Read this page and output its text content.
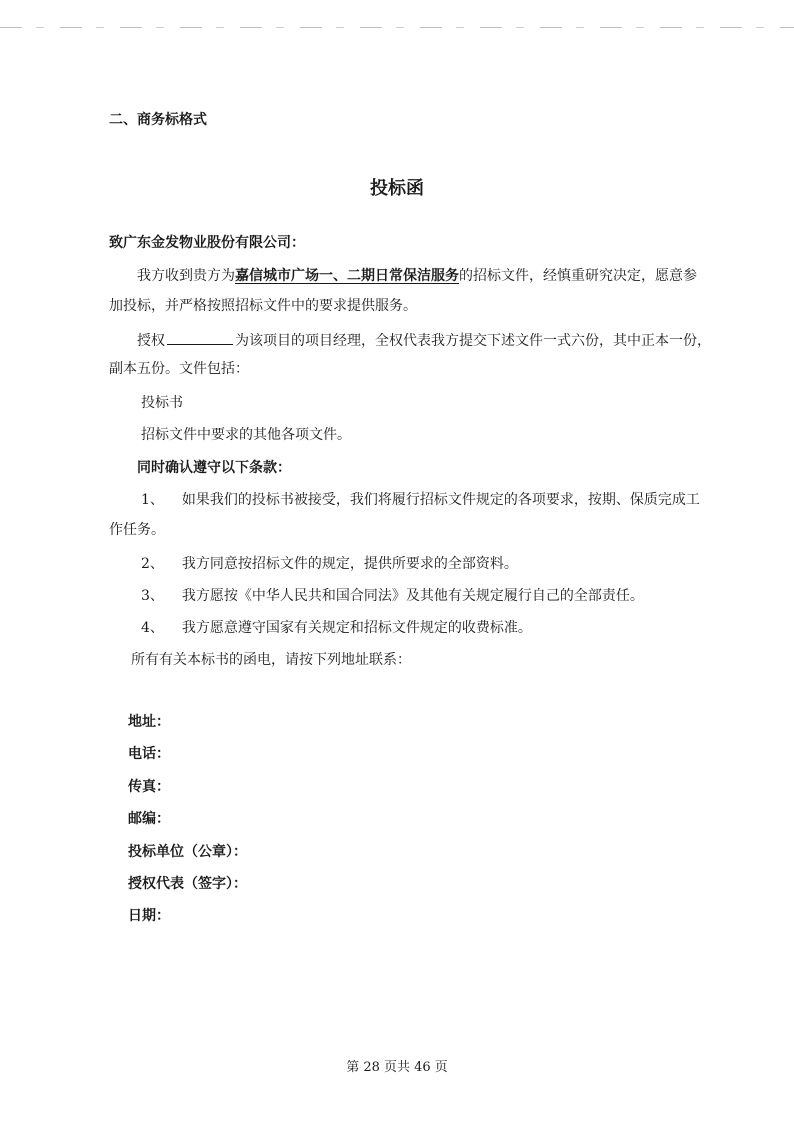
二、商务标格式
投标函
致广东金发物业股份有限公司：
我方收到贵方为嘉信城市广场一、二期日常保洁服务的招标文件，经慎重研究决定，愿意参
加投标，并严格按照招标文件中的要求提供服务。
授权	为该项目的项目经理，全权代表我方提交下述文件一式六份，其中正本一份，
副本五份。文件包括：
投标书
招标文件中要求的其他各项文件。
同时确认遵守以下条款：
1、 如果我们的投标书被接受，我们将履行招标文件规定的各项要求，按期、保质完成工
作任务。
2、 我方同意按招标文件的规定，提供所要求的全部资料。
3、 我方愿按《中华人民共和国合同法》及其他有关规定履行自己的全部责任。
4、 我方愿意遵守国家有关规定和招标文件规定的收费标准。
所有有关本标书的函电，请按下列地址联系：
地址：
电话：
传真：
邮编：
投标单位（公章）：
授权代表（签字）：
日期：
第 28 页共 46 页
